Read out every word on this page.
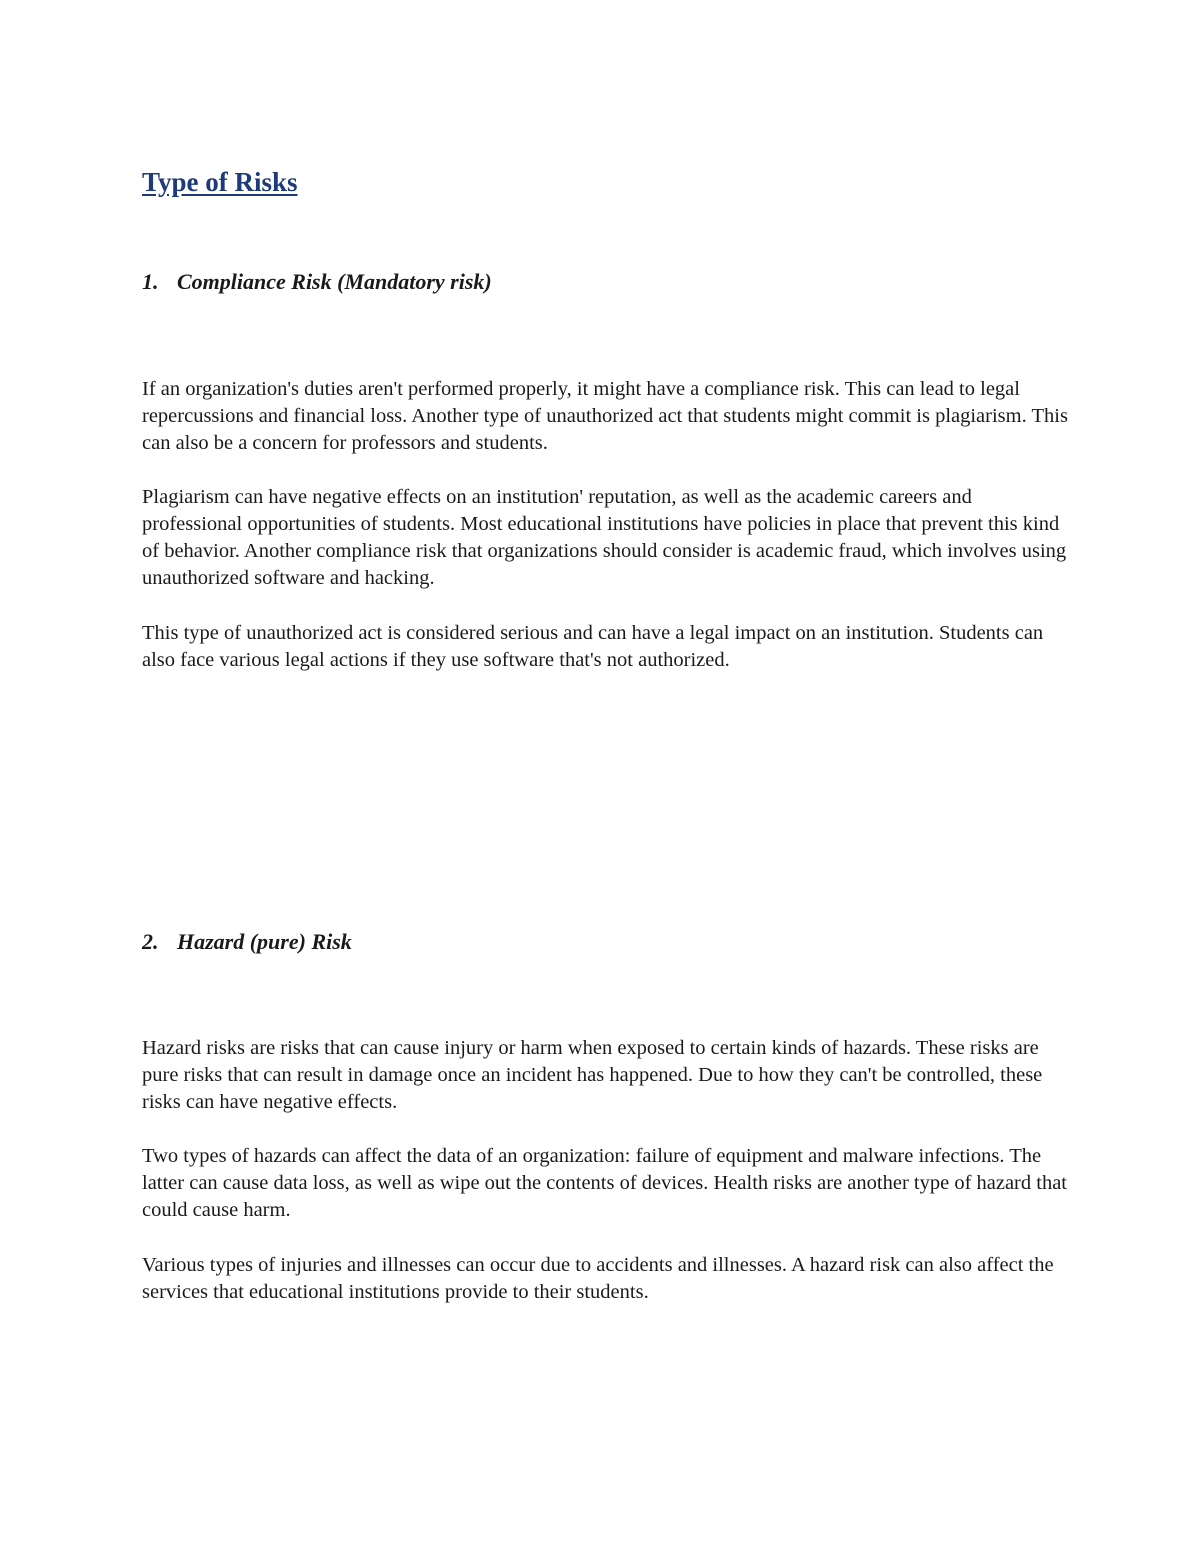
Type of Risks
1. Compliance Risk (Mandatory risk)

If an organization's duties aren't performed properly, it might have a compliance risk. This can lead to legal repercussions and financial loss. Another type of unauthorized act that students might commit is plagiarism. This can also be a concern for professors and students.

Plagiarism can have negative effects on an institution' reputation, as well as the academic careers and professional opportunities of students. Most educational institutions have policies in place that prevent this kind of behavior. Another compliance risk that organizations should consider is academic fraud, which involves using unauthorized software and hacking.

This type of unauthorized act is considered serious and can have a legal impact on an institution. Students can also face various legal actions if they use software that's not authorized.

2. Hazard (pure) Risk

Hazard risks are risks that can cause injury or harm when exposed to certain kinds of hazards. These risks are pure risks that can result in damage once an incident has happened. Due to how they can't be controlled, these risks can have negative effects.

Two types of hazards can affect the data of an organization: failure of equipment and malware infections. The latter can cause data loss, as well as wipe out the contents of devices. Health risks are another type of hazard that could cause harm.

Various types of injuries and illnesses can occur due to accidents and illnesses. A hazard risk can also affect the services that educational institutions provide to their students.
